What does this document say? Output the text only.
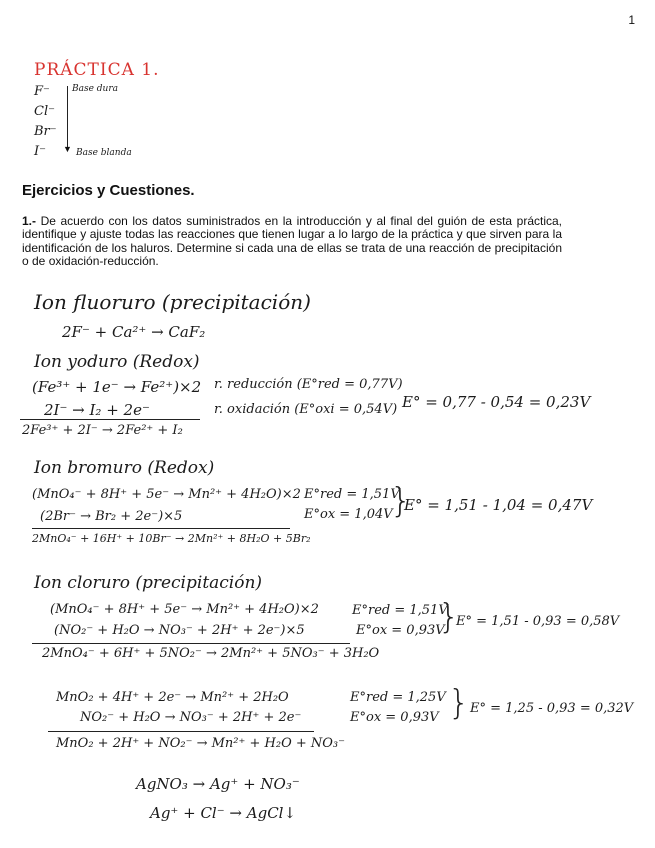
1
PRÁCTICA 1.
F⁻
Cl⁻
Br⁻
I⁻ ▼
Base dura
Base blanda
Ejercicios y Cuestiones.
1.- De acuerdo con los datos suministrados en la introducción y al final del guión de esta práctica, identifique y ajuste todas las reacciones que tienen lugar a lo largo de la práctica y que sirven para la identificación de los haluros. Determine si cada una de ellas se trata de una reacción de precipitación o de oxidación-reducción.
Ion fluoruro (precipitación)
2F⁻ + Ca²⁺ → CaF₂
Ion yoduro (Redox)
(Fe³⁺ + 1e⁻ → Fe²⁺)×2
2I⁻ → I₂ + 2e⁻
2Fe³⁺ + 2I⁻ → 2Fe²⁺ + I₂
r. reducción (E°red = 0,77V)
r. oxidación (E°oxi = 0,54V) E° = 0,77 - 0,54 = 0,23V
Ion bromuro (Redox)
(MnO₄⁻ + 8H⁺ + 5e⁻ → Mn²⁺ + 4H₂O)×2
(2Br⁻ → Br₂ + 2e⁻)×5
2MnO₄⁻ + 16H⁺ + 10Br⁻ → 2Mn²⁺ + 8H₂O + 5Br₂
E°red = 1,51V
E°ox = 1,04V
}
E° = 1,51 - 1,04 = 0,47V
Ion cloruro (precipitación)
(MnO₄⁻ + 8H⁺ + 5e⁻ → Mn²⁺ + 4H₂O)×2
(NO₂⁻ + H₂O → NO₃⁻ + 2H⁺ + 2e⁻)×5
2MnO₄⁻ + 6H⁺ + 5NO₂⁻ → 2Mn²⁺ + 5NO₃⁻ + 3H₂O
E°red = 1,51V
E°ox = 0,93V
}
E° = 1,51 - 0,93 = 0,58V
MnO₂ + 4H⁺ + 2e⁻ → Mn²⁺ + 2H₂O
NO₂⁻ + H₂O → NO₃⁻ + 2H⁺ + 2e⁻
MnO₂ + 2H⁺ + NO₂⁻ → Mn²⁺ + H₂O + NO₃⁻
E°red = 1,25V
E°ox = 0,93V } E° = 1,25 - 0,93 = 0,32V
AgNO₃ → Ag⁺ + NO₃⁻
Ag⁺ + Cl⁻ → AgCl↓
